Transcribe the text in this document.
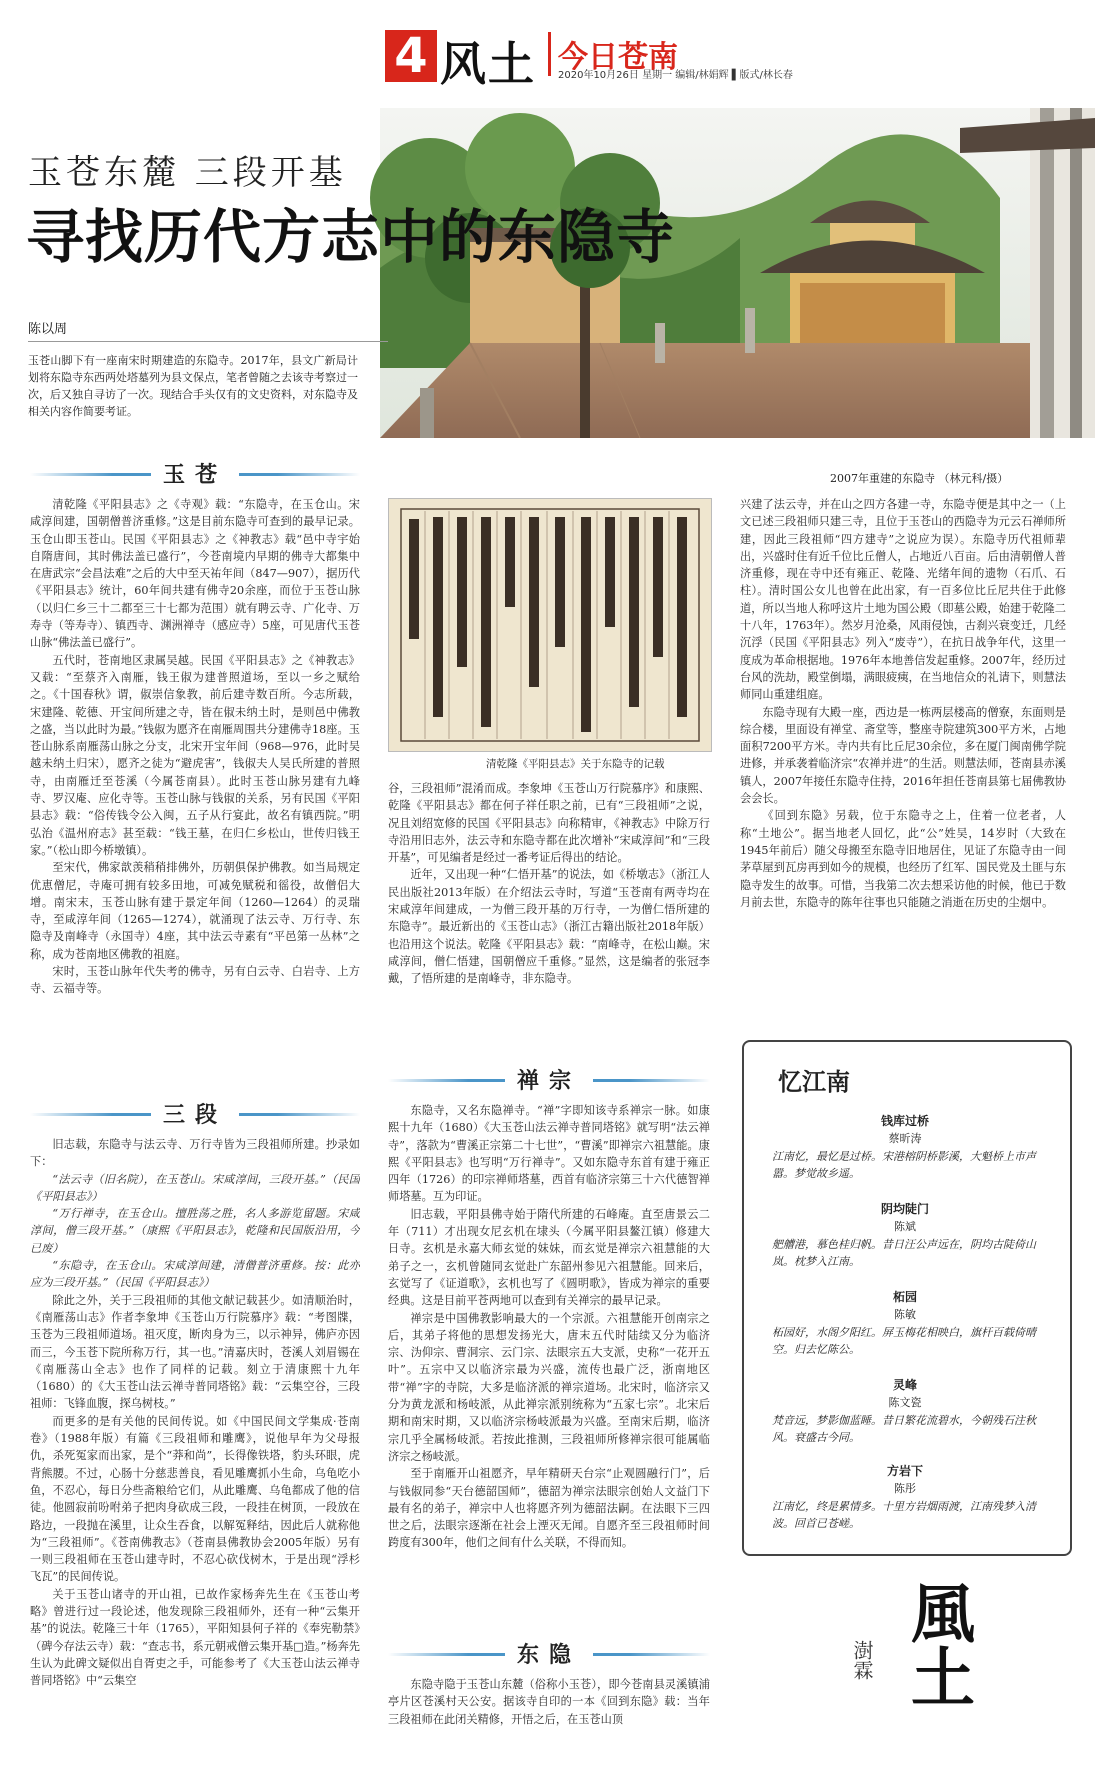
4 风土 今日苍南
2020年10月26日 星期一 编辑/林娟辉 ▌版式/林长春
玉苍东麓 三段开基
寻找历代方志中的东隐寺
陈以周
玉苍山脚下有一座南宋时期建造的东隐寺。2017年，县文广新局计划将东隐寺东西两处塔墓列为县文保点，笔者曾随之去该寺考察过一次，后又独自寻访了一次。现结合手头仅有的文史资料，对东隐寺及相关内容作简要考证。
2007年重建的东隐寺 （林元科/摄）
玉苍

清乾隆《平阳县志》之《寺观》载：“东隐寺，在玉仓山。宋咸淳间建，国朝僧普济重修。”这是目前东隐寺可查到的最早记录。玉仓山即玉苍山。民国《平阳县志》之《神教志》载“邑中寺宇始自隋唐间，其时佛法盖已盛行”，今苍南境内早期的佛寺大都集中在唐武宗“会昌法难”之后的大中至天祐年间（847—907），据历代《平阳县志》统计，60年间共建有佛寺20余座，而位于玉苍山脉（以归仁乡三十二都至三十七都为范围）就有聘云寺、广化寺、万寿寺（等寿寺）、镇西寺、渊洲禅寺（感应寺）5座，可见唐代玉苍山脉“佛法盖已盛行”。

五代时，苍南地区隶属吴越。民国《平阳县志》之《神教志》又载：“至蔡齐入南雁，钱王俶为建普照道场，至以一乡之赋给之。《十国春秋》谓，俶崇信象教，前后建寺数百所。今志所载，宋建隆、乾德、开宝间所建之寺，皆在俶未纳土时，是则邑中佛教之盛，当以此时为最。”钱俶为愿齐在南雁周围共分建佛寺18座。玉苍山脉系南雁荡山脉之分支，北宋开宝年间（968—976，此时吴越未纳土归宋），愿齐之徒为“避虎害”，钱俶夫人吴氏所建的普照寺，由南雁迁至苍溪（今属苍南县）。此时玉苍山脉另建有九峰寺、罗汉庵、应化寺等。玉苍山脉与钱俶的关系，另有民国《平阳县志》载：“俗传钱令公入闽，五子从行宴此，故名有镇西院。”明弘治《温州府志》甚至载：“钱王墓，在归仁乡松山，世传归钱王家。”（松山即今桥墩镇）。

至宋代，佛家歆羡稍稍排佛外，历朝俱保护佛教。如当局规定优恵僧尼，寺庵可拥有较多田地，可减免赋税和徭役，故僧侣大增。南宋末，玉苍山脉有建于景定年间（1260—1264）的灵瑞寺，至咸淳年间（1265—1274），就涌现了法云寺、万行寺、东隐寺及南峰寺（永国寺）4座，其中法云寺素有“平邑第一丛林”之称，成为苍南地区佛教的祖庭。

宋时，玉苍山脉年代失考的佛寺，另有白云寺、白岩寺、上方寺、云福寺等。

三段

旧志载，东隐寺与法云寺、万行寺皆为三段祖师所建。抄录如下：

“法云寺（旧名院），在玉苍山。宋咸淳间，三段开基。”（民国《平阳县志》）

“万行禅寺，在玉仓山。擅胜荡之胜，名人多游览留题。宋咸淳间，僧三段开基。”（康熙《平阳县志》，乾隆和民国版沿用，今已废）

“东隐寺，在玉仓山。宋咸淳间建，清僧普济重修。按：此亦应为三段开基。”（民国《平阳县志》）

除此之外，关于三段祖师的其他文献记载甚少。如清顺治时，《南雁荡山志》作者李象坤《玉苍山万行院慕序》载：“考图牒，玉苍为三段祖师道场。祖灭度，断肉身为三，以示神异，佛庐亦因而三，今玉苍下院所称万行，其一也。”清嘉庆时，苍溪人刘眉锡在《南雁荡山全志》也作了同样的记载。刻立于清康熙十九年（1680）的《大玉苍山法云禅寺普同塔铭》载：“云集空谷，三段祖师：飞锋血腹，探乌树枝。”

而更多的是有关他的民间传说。如《中国民间文学集成·苍南卷》（1988年版）有篇《三段祖师和雕鹰》，说他早年为父母报仇，杀死冤家而出家，是个“莽和尚”，长得像铁塔，豹头环眼，虎背熊腰。不过，心肠十分慈悲善良，看见雕鹰抓小生命，乌龟吃小鱼，不忍心，每日分些斋粮给它们，从此雕鹰、乌龟都成了他的信徒。他圆寂前吩咐弟子把肉身砍成三段，一段挂在树顶，一段放在路边，一段抛在溪里，让众生吞食，以解冤释结，因此后人就称他为“三段祖师”。《苍南佛教志》（苍南县佛教协会2005年版）另有一则三段祖师在玉苍山建寺时，不忍心砍伐树木，于是出现“浮杉飞瓦”的民间传说。

关于玉苍山诸寺的开山祖，已故作家杨奔先生在《玉苍山考略》曾进行过一段论述，他发现除三段祖师外，还有一种“云集开基”的说法。乾隆三十年（1765），平阳知县何子祥的《奉宪勒禁》（碑今存法云寺）载：“查志书，系元朝戒僧云集开基□造。”杨奔先生认为此碑文疑似出自胥吏之手，可能参考了《大玉苍山法云禅寺普同塔铭》中“云集空

清乾隆《平阳县志》关于东隐寺的记载

谷，三段祖师”混淆而成。李象坤《玉苍山万行院慕序》和康熙、乾隆《平阳县志》都在何子祥任职之前，已有“三段祖师”之说，况且刘绍宽修的民国《平阳县志》向称精审，《神教志》中除万行寺沿用旧志外，法云寺和东隐寺都在此次增补“宋咸淳间”和“三段开基”，可见编者是经过一番考证后得出的结论。

近年，又出现一种“仁悟开基”的说法，如《桥墩志》（浙江人民出版社2013年版）在介绍法云寺时，写道“玉苍南有两寺均在宋咸淳年间建成，一为僧三段开基的万行寺，一为僧仁悟所建的东隐寺”。最近新出的《玉苍山志》（浙江古籍出版社2018年版）也沿用这个说法。乾隆《平阳县志》载：“南峰寺，在松山巅。宋咸淳间，僧仁悟建，国朝僧应千重修。”显然，这是编者的张冠李戴，了悟所建的是南峰寺，非东隐寺。

禅宗

东隐寺，又名东隐禅寺。“禅”字即知该寺系禅宗一脉。如康熙十九年（1680）《大玉苍山法云禅寺普同塔铭》就写明“法云禅寺”，落款为“曹溪正宗第二十七世”，“曹溪”即禅宗六祖慧能。康熙《平阳县志》也写明“万行禅寺”。又如东隐寺东首有建于雍正四年（1726）的印宗禅师塔墓，西首有临济宗第三十六代德智禅师塔墓。互为印证。

旧志载，平阳县佛寺始于隋代所建的石峰庵。直至唐景云二年（711）才出现女尼玄机在埭头（今属平阳县鳌江镇）修建大日寺。玄机是永嘉大师玄觉的妹妹，而玄觉是禅宗六祖慧能的大弟子之一，玄机曾随同玄觉赴广东韶州参见六祖慧能。回来后，玄觉写了《证道歌》，玄机也写了《圆明歌》，皆成为禅宗的重要经典。这是目前平苍两地可以查到有关禅宗的最早记录。

禅宗是中国佛教影响最大的一个宗派。六祖慧能开创南宗之后，其弟子将他的思想发扬光大，唐末五代时陆续又分为临济宗、沩仰宗、曹洞宗、云门宗、法眼宗五大支派，史称“一花开五叶”。五宗中又以临济宗最为兴盛，流传也最广泛，浙南地区带“禅”字的寺院，大多是临济派的禅宗道场。北宋时，临济宗又分为黄龙派和杨岐派，从此禅宗派别统称为“五家七宗”。北宋后期和南宋时期，又以临济宗杨岐派最为兴盛。至南宋后期，临济宗几乎全属杨岐派。若按此推测，三段祖师所修禅宗很可能属临济宗之杨岐派。

至于南雁开山祖愿齐，早年精研天台宗“止观圆融行门”，后与钱俶同参“天台德韶国师”，德韶为禅宗法眼宗创始人文益门下最有名的弟子，禅宗中人也将愿齐列为德韶法嗣。在法眼下三四世之后，法眼宗逐渐在社会上湮灭无闻。自愿齐至三段祖师时间跨度有300年，他们之间有什么关联，不得而知。

东隐

东隐寺隐于玉苍山东麓（俗称小玉苍），即今苍南县灵溪镇浦亭片区苍溪村天公安。据该寺自印的一本《回到东隐》载：当年三段祖师在此闭关精修，开悟之后，在玉苍山顶

兴建了法云寺，并在山之四方各建一寺，东隐寺便是其中之一（上文已述三段祖师只建三寺，且位于玉苍山的西隐寺为元云石禅师所建，因此三段祖师“四方建寺”之说应为误）。东隐寺历代祖师辈出，兴盛时住有近千位比丘僧人，占地近八百亩。后由清朝僧人普济重修，现在寺中还有雍正、乾隆、光绪年间的遗物（石爪、石柱）。清时国公女儿也曾在此出家，有一百多位比丘尼共住于此修道，所以当地人称呼这片土地为国公殿（即墓公殿，始建于乾隆二十八年，1763年）。然岁月沧桑，风雨侵蚀，古刹兴衰变迁，几经沉浮（民国《平阳县志》列入“废寺”），在抗日战争年代，这里一度成为革命根据地。1976年本地善信发起重修。2007年，经历过台风的洗劫，殿堂倒塌，满眼疲痍，在当地信众的礼请下，则慧法师同山重建组庭。

东隐寺现有大殿一座，西边是一栋两层楼高的僧寮，东面则是综合楼，里面设有禅堂、斋堂等，整座寺院建筑300平方米，占地面积7200平方米。寺内共有比丘尼30余位，多在厦门闽南佛学院进修，并承袭着临济宗“农禅并进”的生活。则慧法师，苍南县赤溪镇人，2007年接任东隐寺住持，2016年担任苍南县第七届佛教协会会长。

《回到东隐》另载，位于东隐寺之上，住着一位老者，人称“土地公”。据当地老人回忆，此“公”姓吴，14岁时（大致在1945年前后）随父母搬至东隐寺旧地居住，见证了东隐寺由一间茅草屋到瓦房再到如今的规模，也经历了红军、国民党及土匪与东隐寺发生的故事。可惜，当我第二次去想采访他的时候，他已于数月前去世，东隐寺的陈年往事也只能随之消逝在历史的尘烟中。

忆江南
钱库过桥
蔡昕涛
江南忆，最忆是过桥。宋港榕阴桥影溪，大魁桥上市声嚣。梦觉故乡遥。
阴均陡门
陈斌
舥艚港，慕色桂归帆。昔日汪公声远在，阴均古陡倚山岚。枕梦入江南。
柘园
陈敏
柘园好，水阁夕阳红。屏玉梅花相映白，旗杆百载倚晴空。归去忆陈公。
灵峰
陈文瓷
梵音远，梦影伽蓝睡。昔日繁花流碧水，今朝残石注秋风。衰盛古今同。
方岩下
陈彤
江南忆，终是累情多。十里方岩烟雨渡，江南残梦入清波。回首已苍嵯。
風土
澍霖
